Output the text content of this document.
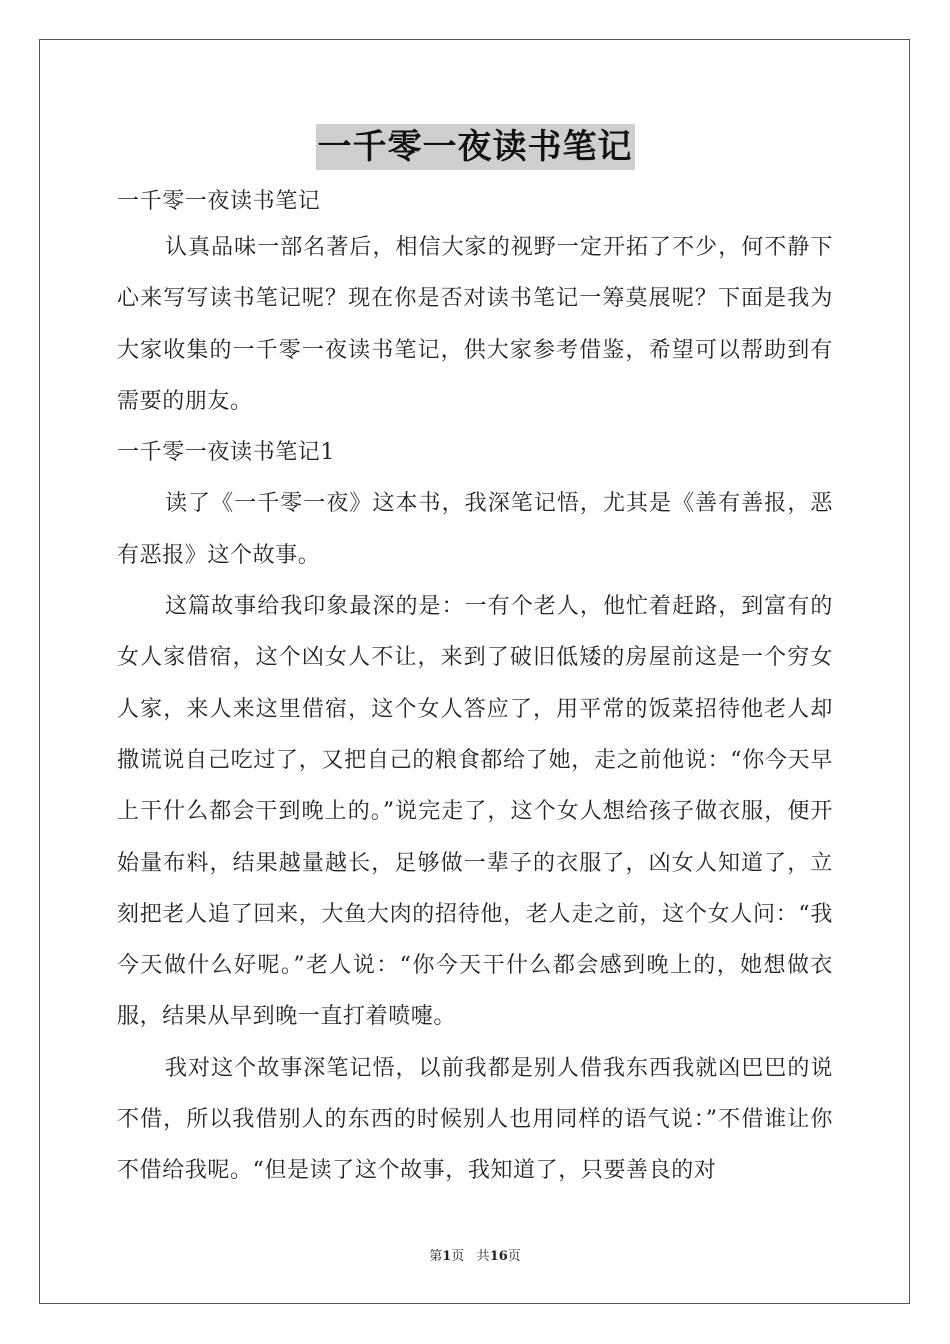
一千零一夜读书笔记
一千零一夜读书笔记

认真品味一部名著后，相信大家的视野一定开拓了不少，何不静下心来写写读书笔记呢？现在你是否对读书笔记一筹莫展呢？下面是我为大家收集的一千零一夜读书笔记，供大家参考借鉴，希望可以帮助到有需要的朋友。

一千零一夜读书笔记1

读了《一千零一夜》这本书，我深笔记悟，尤其是《善有善报，恶有恶报》这个故事。

这篇故事给我印象最深的是：一有个老人，他忙着赶路，到富有的女人家借宿，这个凶女人不让，来到了破旧低矮的房屋前这是一个穷女人家，来人来这里借宿，这个女人答应了，用平常的饭菜招待他老人却撒谎说自己吃过了，又把自己的粮食都给了她，走之前他说：“你今天早上干什么都会干到晚上的。”说完走了，这个女人想给孩子做衣服，便开始量布料，结果越量越长，足够做一辈子的衣服了，凶女人知道了，立刻把老人追了回来，大鱼大肉的招待他，老人走之前，这个女人问：“我今天做什么好呢。”老人说：“你今天干什么都会感到晚上的，她想做衣服，结果从早到晚一直打着喷嚏。

我对这个故事深笔记悟，以前我都是别人借我东西我就凶巴巴的说不借，所以我借别人的东西的时候别人也用同样的语气说：”不借谁让你不借给我呢。“但是读了这个故事，我知道了，只要善良的对

第1页 共16页
